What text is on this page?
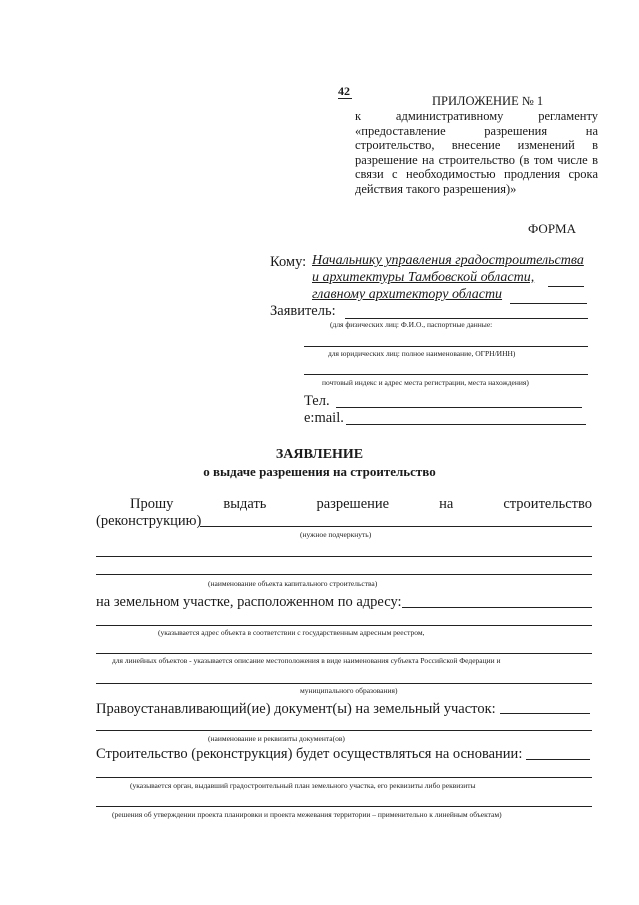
42
ПРИЛОЖЕНИЕ № 1
к административному регламенту
«предоставление разрешения на
строительство, внесение изменений в
разрешение на строительство (в том числе в
связи с необходимостью продления срока
действия такого разрешения)»
ФОРМА
Кому: Начальнику управления градостроительства
и архитектуры Тамбовской области,
главному архитектору области
Заявитель:
(для физических лиц: Ф.И.О., паспортные данные:
для юридических лиц: полное наименование, ОГРН/ИНН)
почтовый индекс и адрес места регистрации, места нахождения)
Тел.
e:mail.
ЗАЯВЛЕНИЕ
о выдаче разрешения на строительство
Прошу	выдать	разрешение	на	строительство
(реконструкцию)
(нужное подчеркнуть)
(наименование объекта капитального строительства)
на земельном участке, расположенном по адресу:
(указывается адрес объекта в соответствии с государственным адресным реестром,
для линейных объектов - указывается описание местоположения в виде наименования субъекта Российской Федерации и
муниципального образования)
Правоустанавливающий(ие) документ(ы) на земельный участок:
(наименование и реквизиты документа(ов)
Строительство (реконструкция) будет осуществляться на основании:
(указывается орган, выдавший градостроительный план земельного участка, его реквизиты либо реквизиты
(решения об утверждении проекта планировки и проекта межевания территории – применительно к линейным объектам)
